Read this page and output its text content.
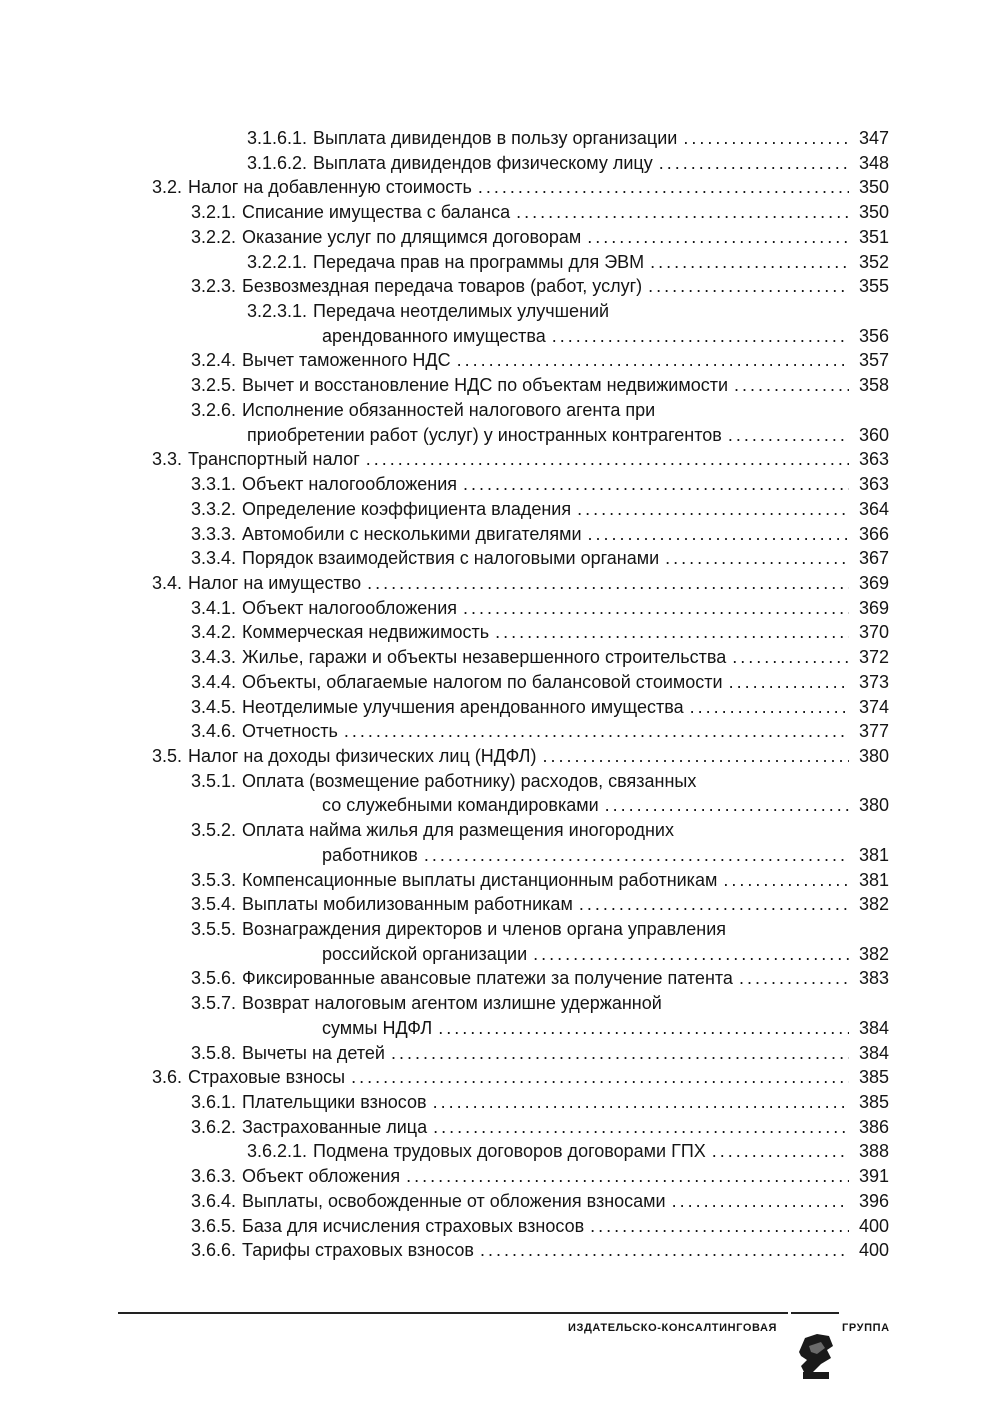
3.1.6.1. Выплата дивидендов в пользу организации . . .	347
3.1.6.2. Выплата дивидендов физическому лицу . . .	348
3.2. Налог на добавленную стоимость . . .	350
3.2.1. Списание имущества с баланса . . .	350
3.2.2. Оказание услуг по длящимся договорам . . .	351
3.2.2.1. Передача прав на программы для ЭВМ . . .	352
3.2.3. Безвозмездная передача товаров (работ, услуг) . . .	355
3.2.3.1. Передача неотделимых улучшений
арендованного имущества . . .	356
3.2.4. Вычет таможенного НДС . . .	357
3.2.5. Вычет и восстановление НДС по объектам недвижимости . . .	358
3.2.6. Исполнение обязанностей налогового агента при
приобретении работ (услуг) у иностранных контрагентов . . .	360
3.3. Транспортный налог . . .	363
3.3.1. Объект налогообложения . . .	363
3.3.2. Определение коэффициента владения . . .	364
3.3.3. Автомобили с несколькими двигателями . . .	366
3.3.4. Порядок взаимодействия с налоговыми органами . . .	367
3.4. Налог на имущество . . .	369
3.4.1. Объект налогообложения . . .	369
3.4.2. Коммерческая недвижимость . . .	370
3.4.3. Жилье, гаражи и объекты незавершенного строительства . . .	372
3.4.4. Объекты, облагаемые налогом по балансовой стоимости . . .	373
3.4.5. Неотделимые улучшения арендованного имущества . . .	374
3.4.6. Отчетность . . .	377
3.5. Налог на доходы физических лиц (НДФЛ) . . .	380
3.5.1. Оплата (возмещение работнику) расходов, связанных
со служебными командировками . . .	380
3.5.2. Оплата найма жилья для размещения иногородних
работников . . .	381
3.5.3. Компенсационные выплаты дистанционным работникам . . .	381
3.5.4. Выплаты мобилизованным работникам . . .	382
3.5.5. Вознаграждения директоров и членов органа управления
российской организации . . .	382
3.5.6. Фиксированные авансовые платежи за получение патента . . .	383
3.5.7. Возврат налоговым агентом излишне удержанной
суммы НДФЛ . . .	384
3.5.8. Вычеты на детей . . .	384
3.6. Страховые взносы . . .	385
3.6.1. Плательщики взносов . . .	385
3.6.2. Застрахованные лица . . .	386
3.6.2.1. Подмена трудовых договоров договорами ГПХ . . .	388
3.6.3. Объект обложения . . .	391
3.6.4. Выплаты, освобожденные от обложения взносами . . .	396
3.6.5. База для исчисления страховых взносов . . .	400
3.6.6. Тарифы страховых взносов . . .	400
ИЗДАТЕЛЬСКО-КОНСАЛТИНГОВАЯ	ГРУППА
